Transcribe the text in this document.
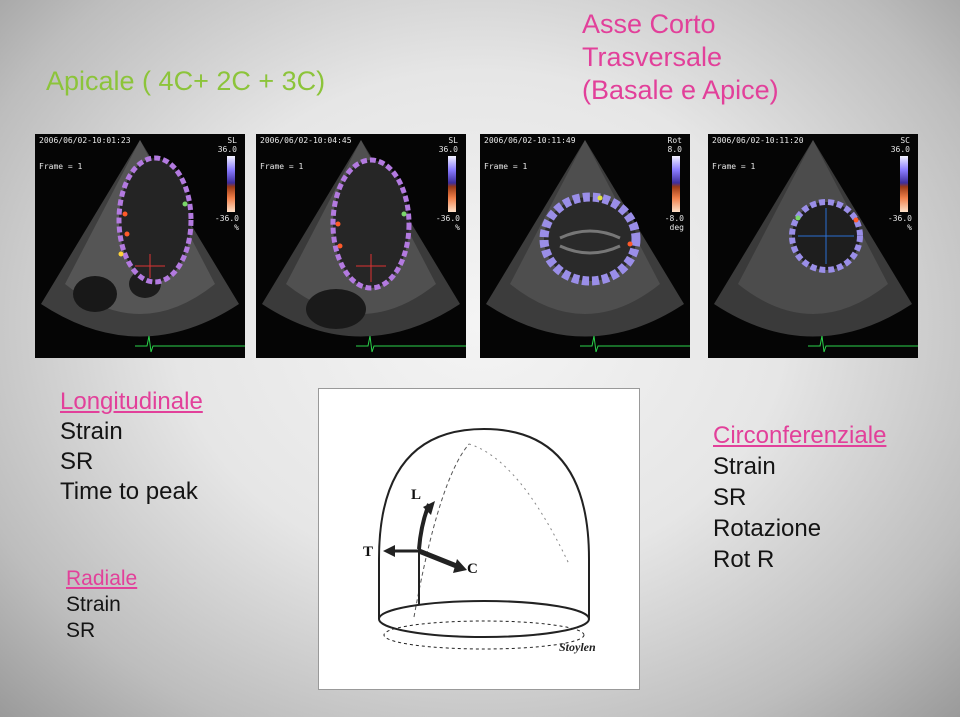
Apicale ( 4C+ 2C + 3C)
Asse Corto
Trasversale
(Basale e Apice)
2006/06/02-10:01:23
Frame = 1
SL
36.0
-36.0
%
2006/06/02-10:04:45
Frame = 1
SL
36.0
-36.0
%
2006/06/02-10:11:49
Frame = 1
Rot
8.0
-8.0
deg
2006/06/02-10:11:20
Frame = 1
SC
36.0
-36.0
%
Longitudinale
Strain
SR
Time to peak
Radiale
Strain
SR
L
T
C
Stoylen
Circonferenziale
Strain
SR
Rotazione
Rot R
